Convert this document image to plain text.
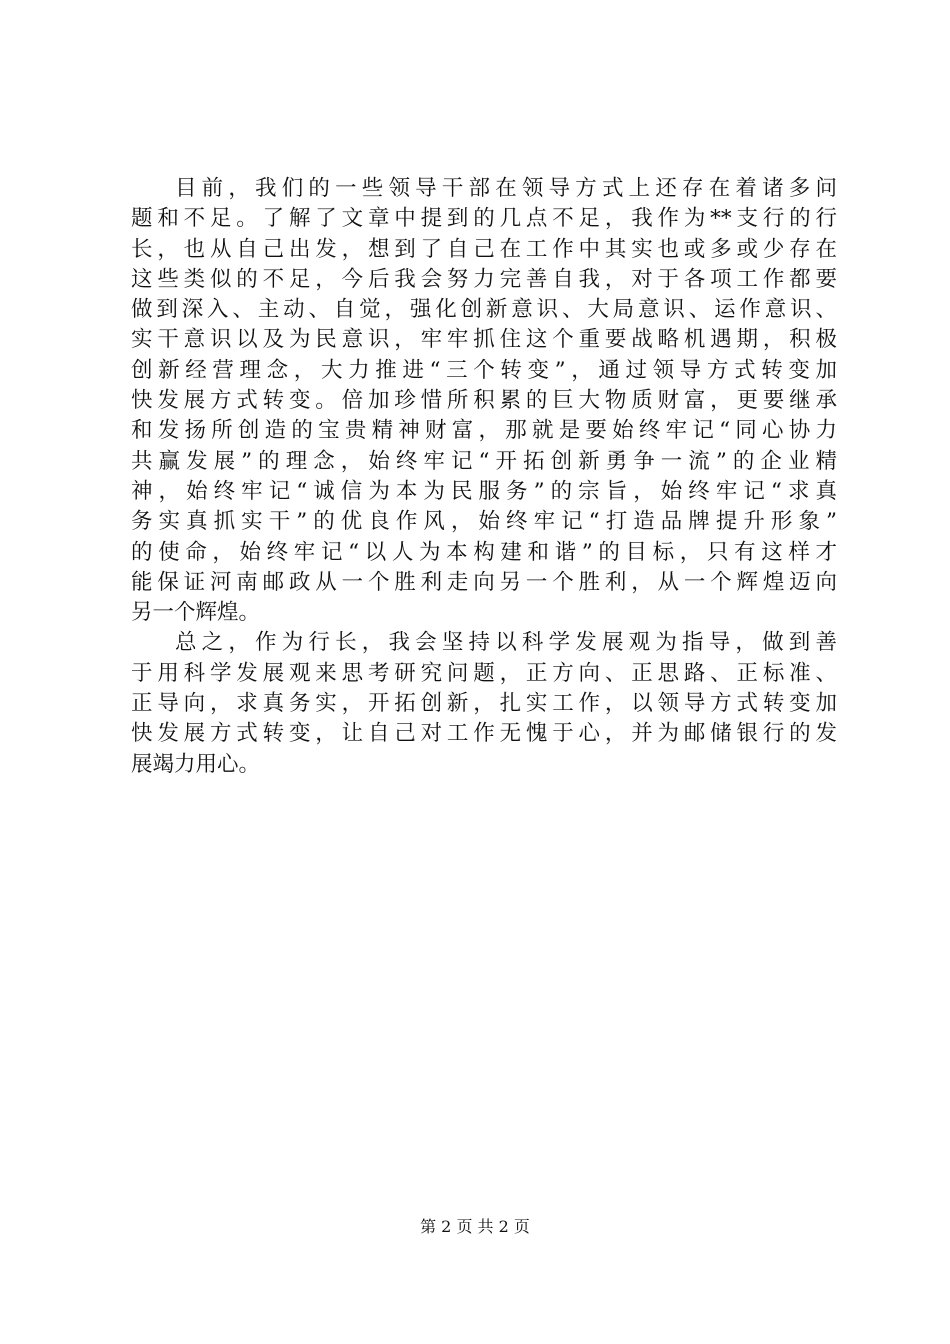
目前，我们的一些领导干部在领导方式上还存在着诸多问
题和不足。了解了文章中提到的几点不足，我作为**支行的行
长，也从自己出发，想到了自己在工作中其实也或多或少存在
这些类似的不足，今后我会努力完善自我，对于各项工作都要
做到深入、主动、自觉，强化创新意识、大局意识、运作意识、
实干意识以及为民意识，牢牢抓住这个重要战略机遇期，积极
创新经营理念，大力推进“三个转变”，通过领导方式转变加
快发展方式转变。倍加珍惜所积累的巨大物质财富，更要继承
和发扬所创造的宝贵精神财富，那就是要始终牢记“同心协力
共赢发展”的理念，始终牢记“开拓创新勇争一流”的企业精
神，始终牢记“诚信为本为民服务”的宗旨，始终牢记“求真
务实真抓实干”的优良作风，始终牢记“打造品牌提升形象”
的使命，始终牢记“以人为本构建和谐”的目标，只有这样才
能保证河南邮政从一个胜利走向另一个胜利，从一个辉煌迈向
另一个辉煌。
总之，作为行长，我会坚持以科学发展观为指导，做到善
于用科学发展观来思考研究问题，正方向、正思路、正标准、
正导向，求真务实，开拓创新，扎实工作，以领导方式转变加
快发展方式转变，让自己对工作无愧于心，并为邮储银行的发
展竭力用心。
第 2 页 共 2 页
